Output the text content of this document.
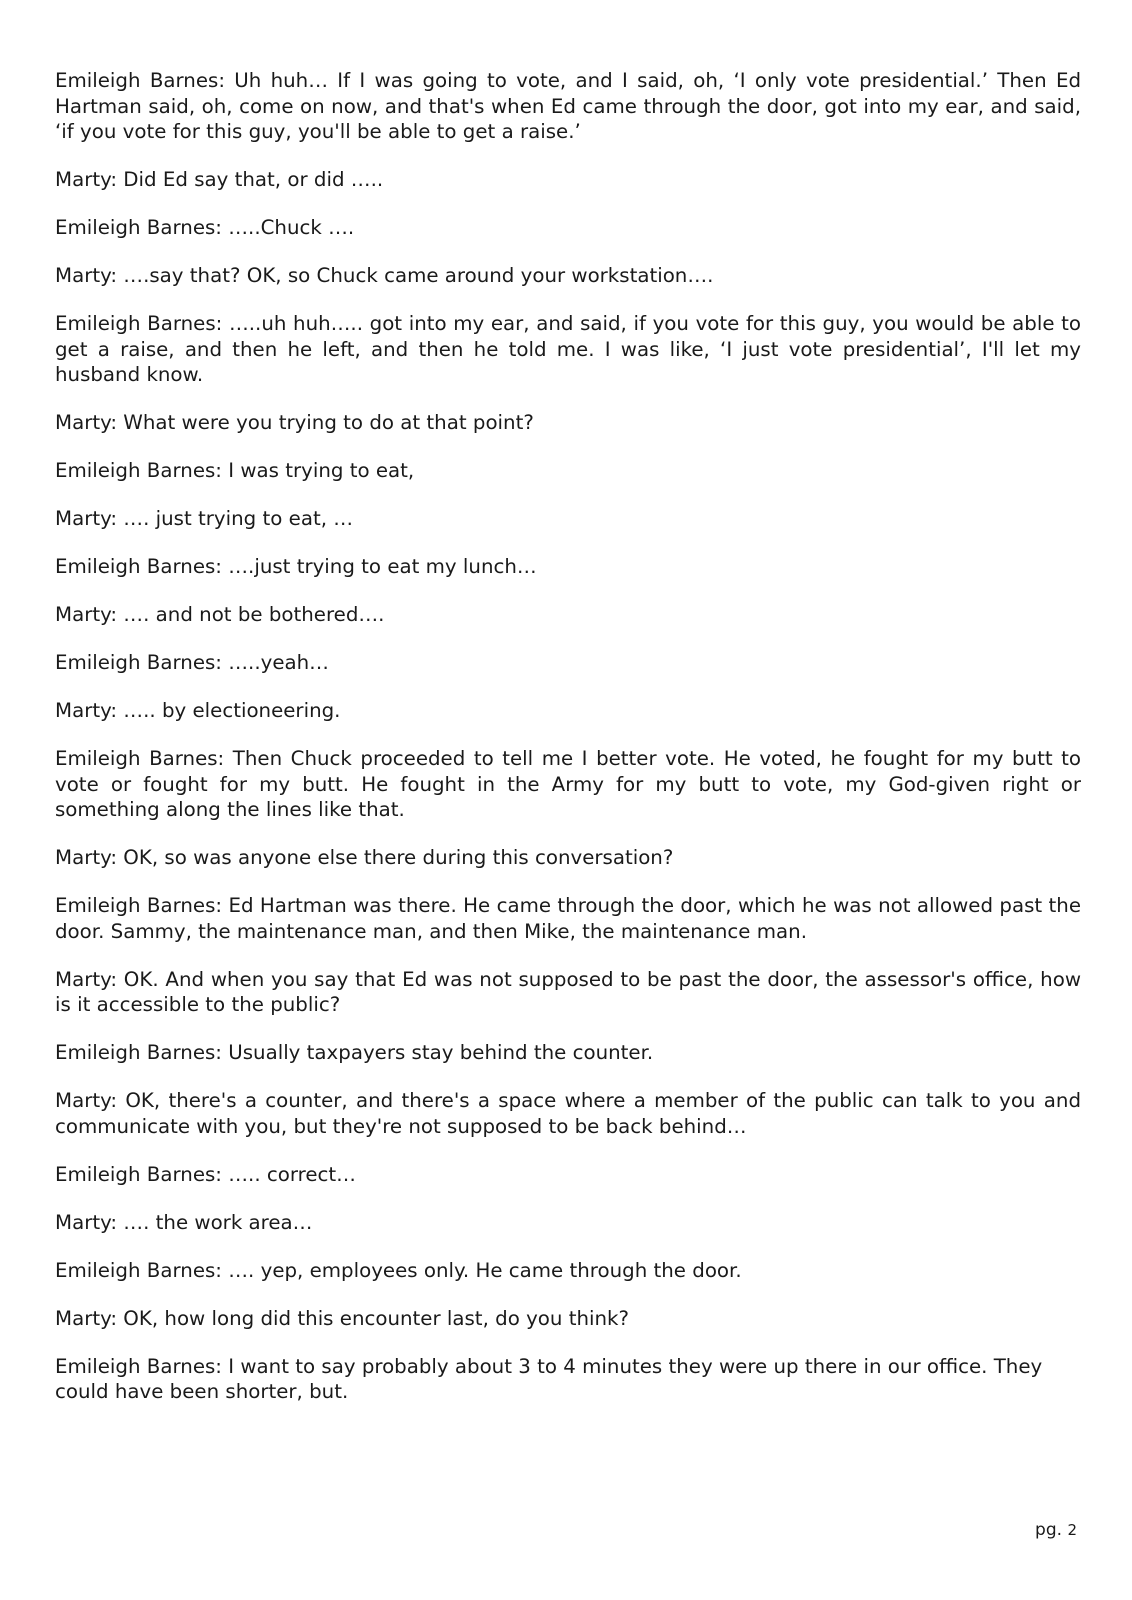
Emileigh Barnes: Uh huh… If I was going to vote, and I said, oh, ‘I only vote presidential.’ Then Ed Hartman said, oh, come on now, and that's when Ed came through the door, got into my ear, and said, ‘if you vote for this guy, you'll be able to get a raise.’

Marty: Did Ed say that, or did …..

Emileigh Barnes: …..Chuck ….

Marty: ….say that? OK, so Chuck came around your workstation….

Emileigh Barnes: …..uh huh….. got into my ear, and said, if you vote for this guy, you would be able to get a raise, and then he left, and then he told me. I was like, ‘I just vote presidential’, I'll let my husband know.

Marty: What were you trying to do at that point?

Emileigh Barnes: I was trying to eat,

Marty: …. just trying to eat, …

Emileigh Barnes: ….just trying to eat my lunch…

Marty: …. and not be bothered….

Emileigh Barnes: …..yeah…

Marty: ….. by electioneering.

Emileigh Barnes: Then Chuck proceeded to tell me I better vote. He voted, he fought for my butt to vote or fought for my butt. He fought in the Army for my butt to vote, my God-given right or something along the lines like that.

Marty: OK, so was anyone else there during this conversation?

Emileigh Barnes: Ed Hartman was there. He came through the door, which he was not allowed past the door. Sammy, the maintenance man, and then Mike, the maintenance man.

Marty: OK. And when you say that Ed was not supposed to be past the door, the assessor's office, how is it accessible to the public?

Emileigh Barnes: Usually taxpayers stay behind the counter.

Marty: OK, there's a counter, and there's a space where a member of the public can talk to you and communicate with you, but they're not supposed to be back behind…

Emileigh Barnes: ….. correct…

Marty: …. the work area…

Emileigh Barnes: …. yep, employees only. He came through the door.

Marty: OK, how long did this encounter last, do you think?

Emileigh Barnes: I want to say probably about 3 to 4 minutes they were up there in our office. They could have been shorter, but.

pg. 2
